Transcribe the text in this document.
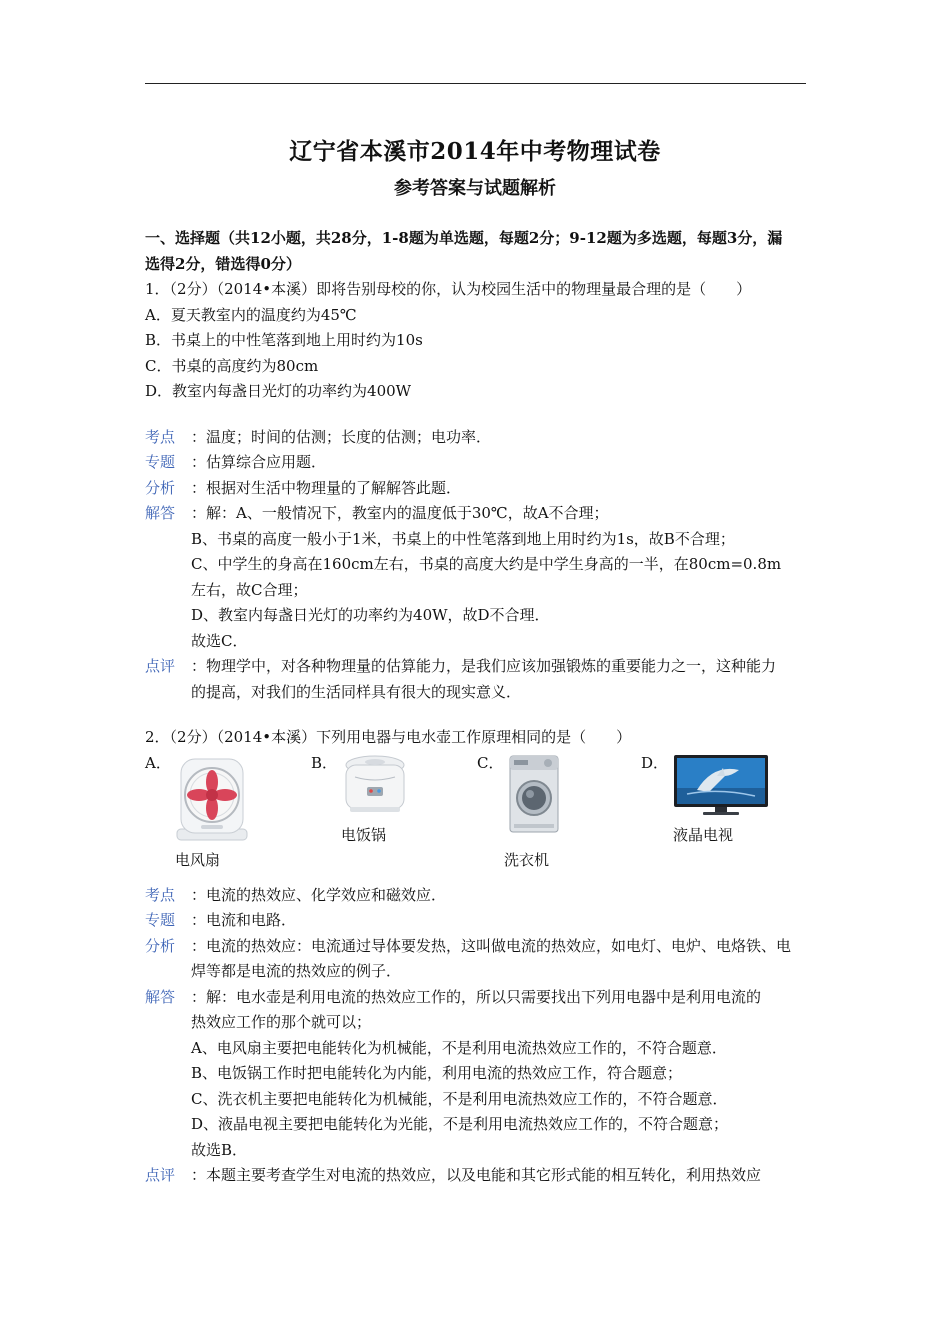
辽宁省本溪市2014年中考物理试卷
参考答案与试题解析
一、选择题（共12小题，共28分，1-8题为单选题，每题2分；9-12题为多选题，每题3分，漏
选得2分，错选得0分）
1．（2分）（2014•本溪）即将告别母校的你，认为校园生活中的物理量最合理的是（　　）
A．夏天教室内的温度约为45℃
B．书桌上的中性笔落到地上用时约为10s
C．书桌的高度约为80cm
D．教室内每盏日光灯的功率约为400W
考点	：温度；时间的估测；长度的估测；电功率．
专题	：估算综合应用题．
分析	：根据对生活中物理量的了解解答此题．
解答	：解：A、一般情况下，教室内的温度低于30℃，故A不合理；
B、书桌的高度一般小于1米，书桌上的中性笔落到地上用时约为1s，故B不合理；
C、中学生的身高在160cm左右，书桌的高度大约是中学生身高的一半，在80cm=0.8m
左右，故C合理；
D、教室内每盏日光灯的功率约为40W，故D不合理．
故选C．
点评	：物理学中，对各种物理量的估算能力，是我们应该加强锻炼的重要能力之一，这种能力
的提高，对我们的生活同样具有很大的现实意义．
2．（2分）（2014•本溪）下列用电器与电水壶工作原理相同的是（　　）
A．
电风扇
B．
电饭锅
C．
洗衣机
D．
液晶电视
考点	：电流的热效应、化学效应和磁效应．
专题	：电流和电路．
分析	：电流的热效应：电流通过导体要发热，这叫做电流的热效应，如电灯、电炉、电烙铁、电
焊等都是电流的热效应的例子．
解答	：解：电水壶是利用电流的热效应工作的，所以只需要找出下列用电器中是利用电流的
热效应工作的那个就可以；
A、电风扇主要把电能转化为机械能，不是利用电流热效应工作的，不符合题意．
B、电饭锅工作时把电能转化为内能，利用电流的热效应工作，符合题意；
C、洗衣机主要把电能转化为机械能，不是利用电流热效应工作的，不符合题意．
D、液晶电视主要把电能转化为光能，不是利用电流热效应工作的，不符合题意；
故选B．
点评	：本题主要考查学生对电流的热效应，以及电能和其它形式能的相互转化，利用热效应
